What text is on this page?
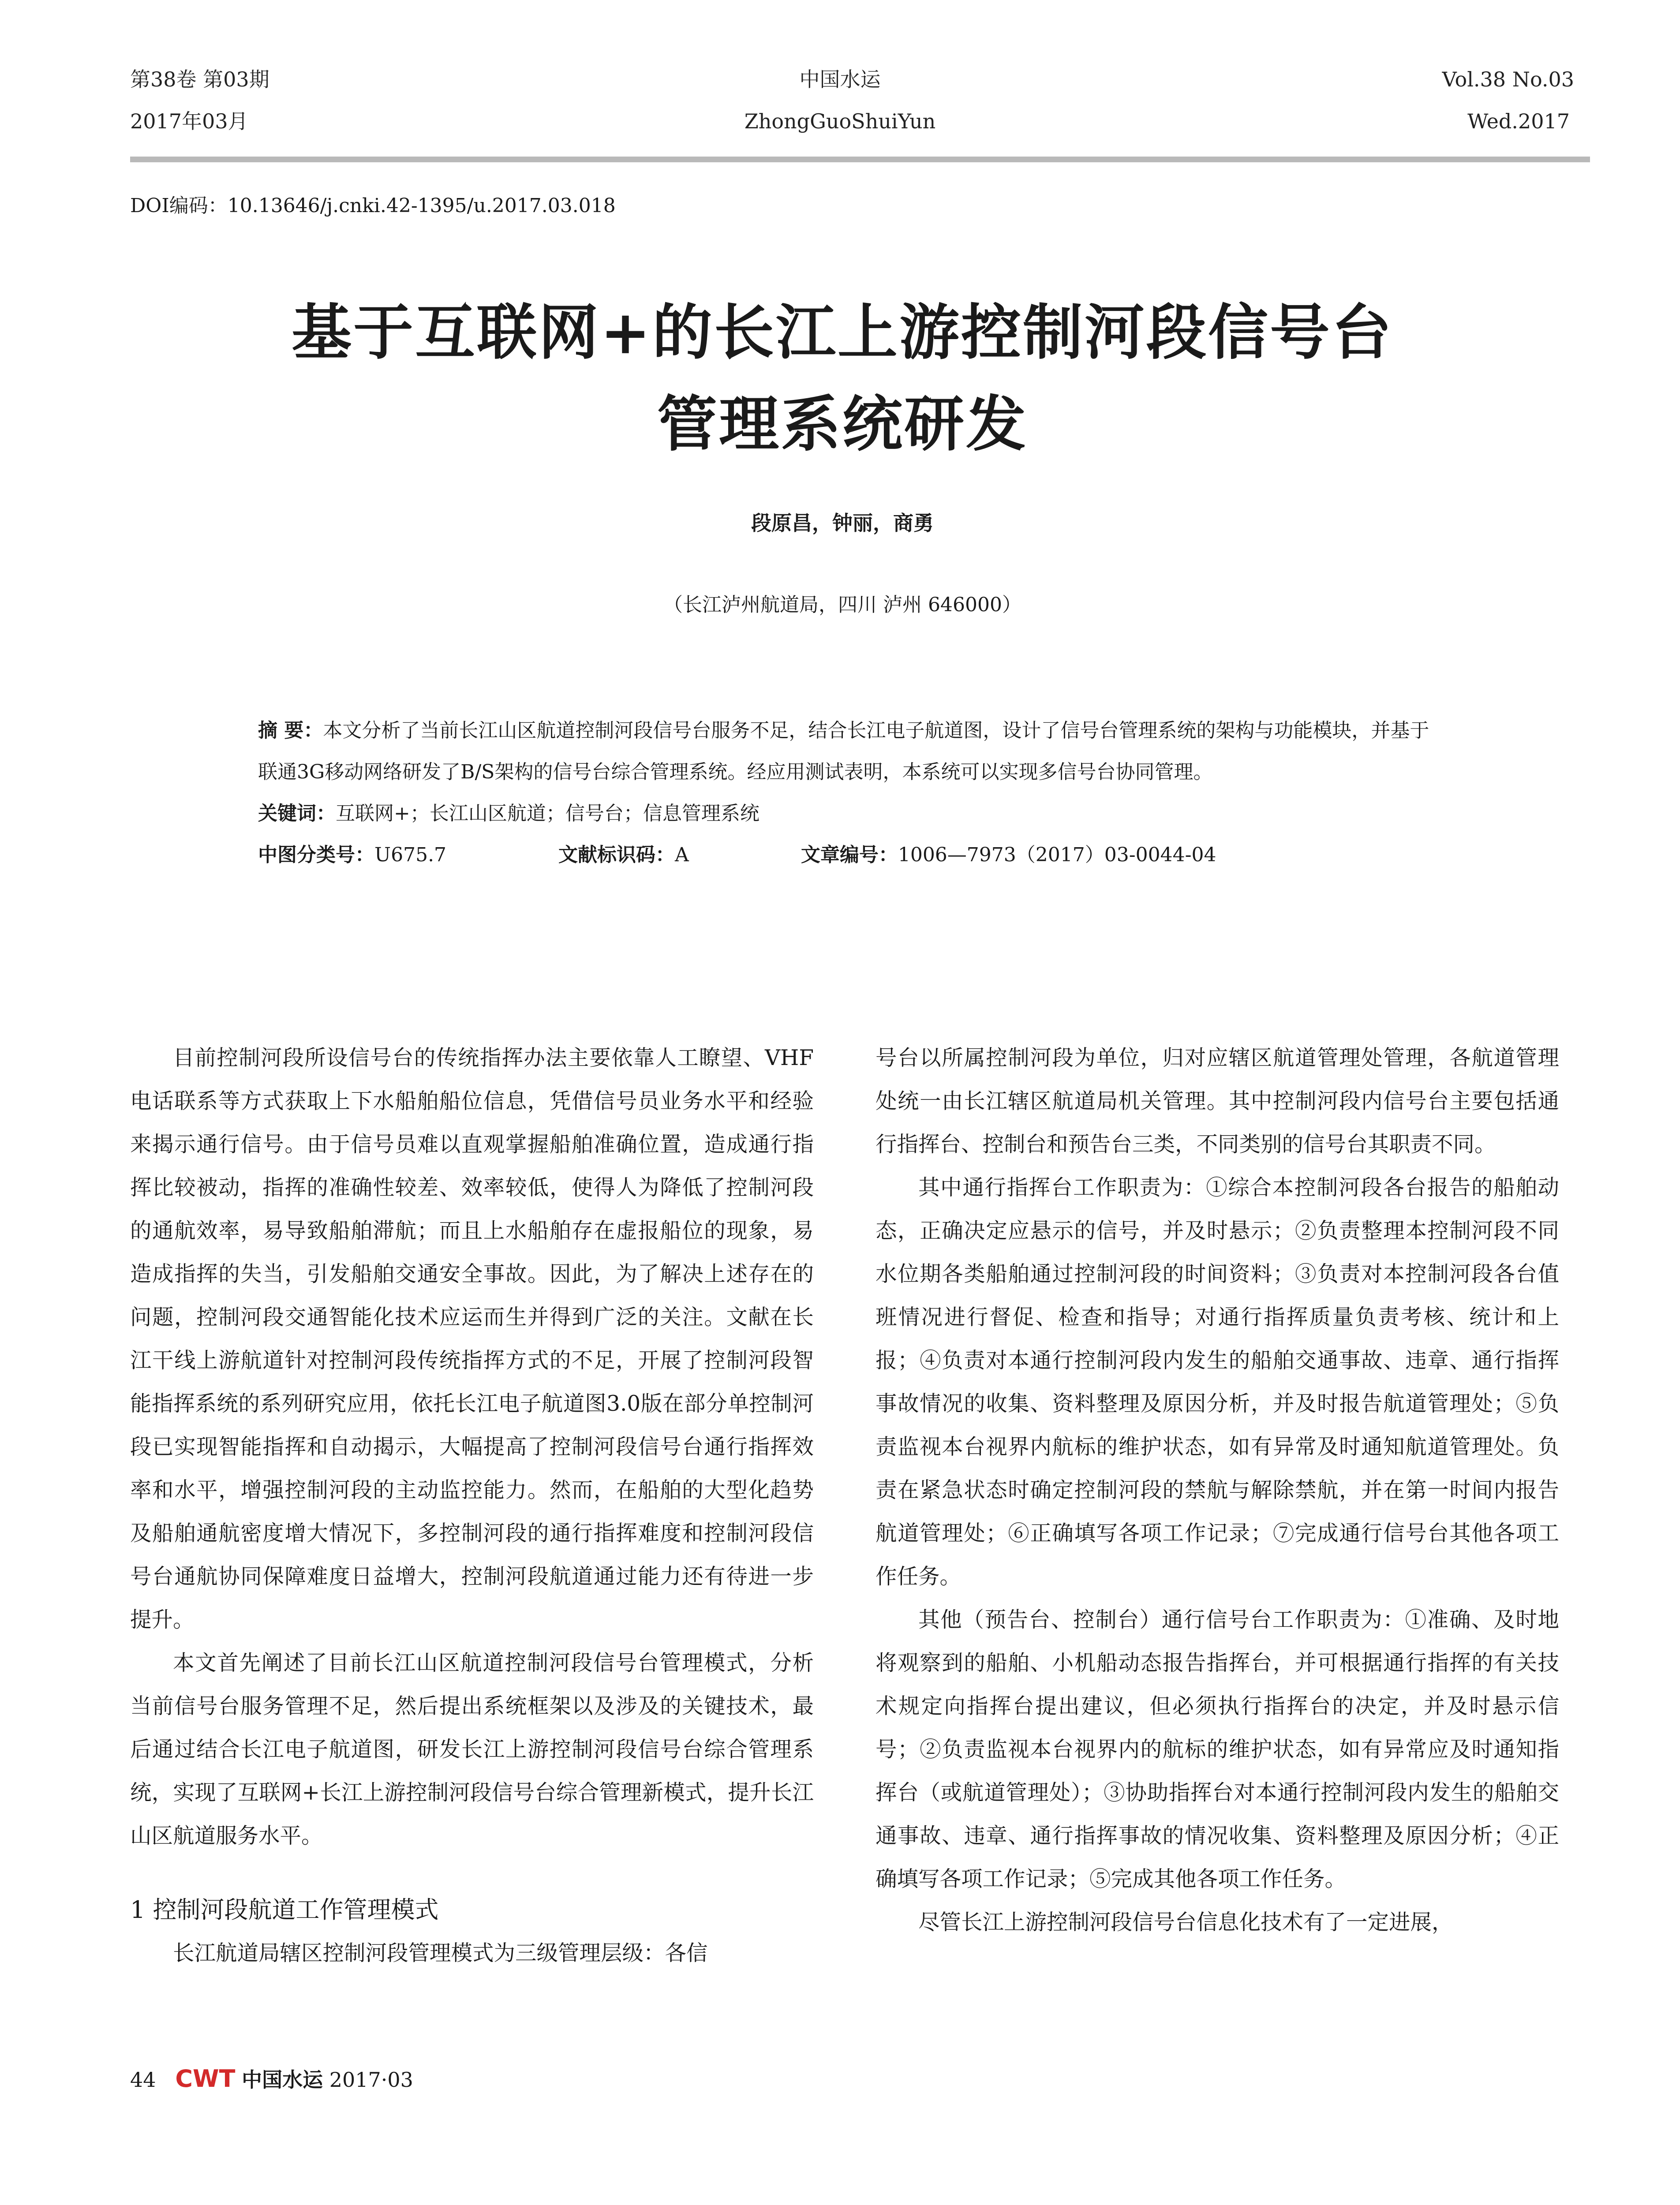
第38卷 第03期
2017年03月
中国水运
ZhongGuoShuiYun
Vol.38 No.03
Wed.2017
DOI编码：10.13646/j.cnki.42-1395/u.2017.03.018
基于互联网+的长江上游控制河段信号台
管理系统研发
段原昌，钟丽，商勇
（长江泸州航道局，四川 泸州 646000）

摘 要：本文分析了当前长江山区航道控制河段信号台服务不足，结合长江电子航道图，设计了信号台管理系统的架构与功能模块，并基于联通3G移动网络研发了B/S架构的信号台综合管理系统。经应用测试表明，本系统可以实现多信号台协同管理。

关键词：互联网+；长江山区航道；信号台；信息管理系统

中图分类号：U675.7	文献标识码：A	文章编号：1006—7973（2017）03-0044-04

目前控制河段所设信号台的传统指挥办法主要依靠人工瞭望、VHF电话联系等方式获取上下水船舶船位信息，凭借信号员业务水平和经验来揭示通行信号。由于信号员难以直观掌握船舶准确位置，造成通行指挥比较被动，指挥的准确性较差、效率较低，使得人为降低了控制河段的通航效率，易导致船舶滞航；而且上水船舶存在虚报船位的现象，易造成指挥的失当，引发船舶交通安全事故。因此，为了解决上述存在的问题，控制河段交通智能化技术应运而生并得到广泛的关注。文献在长江干线上游航道针对控制河段传统指挥方式的不足，开展了控制河段智能指挥系统的系列研究应用，依托长江电子航道图3.0版在部分单控制河段已实现智能指挥和自动揭示，大幅提高了控制河段信号台通行指挥效率和水平，增强控制河段的主动监控能力。然而，在船舶的大型化趋势及船舶通航密度增大情况下，多控制河段的通行指挥难度和控制河段信号台通航协同保障难度日益增大，控制河段航道通过能力还有待进一步提升。

本文首先阐述了目前长江山区航道控制河段信号台管理模式，分析当前信号台服务管理不足，然后提出系统框架以及涉及的关键技术，最后通过结合长江电子航道图，研发长江上游控制河段信号台综合管理系统，实现了互联网+长江上游控制河段信号台综合管理新模式，提升长江山区航道服务水平。

1 控制河段航道工作管理模式

长江航道局辖区控制河段管理模式为三级管理层级：各信

号台以所属控制河段为单位，归对应辖区航道管理处管理，各航道管理处统一由长江辖区航道局机关管理。其中控制河段内信号台主要包括通行指挥台、控制台和预告台三类，不同类别的信号台其职责不同。

其中通行指挥台工作职责为：①综合本控制河段各台报告的船舶动态，正确决定应悬示的信号，并及时悬示；②负责整理本控制河段不同水位期各类船舶通过控制河段的时间资料；③负责对本控制河段各台值班情况进行督促、检查和指导；对通行指挥质量负责考核、统计和上报；④负责对本通行控制河段内发生的船舶交通事故、违章、通行指挥事故情况的收集、资料整理及原因分析，并及时报告航道管理处；⑤负责监视本台视界内航标的维护状态，如有异常及时通知航道管理处。负责在紧急状态时确定控制河段的禁航与解除禁航，并在第一时间内报告航道管理处；⑥正确填写各项工作记录；⑦完成通行信号台其他各项工作任务。

其他（预告台、控制台）通行信号台工作职责为：①准确、及时地将观察到的船舶、小机船动态报告指挥台，并可根据通行指挥的有关技术规定向指挥台提出建议，但必须执行指挥台的决定，并及时悬示信号；②负责监视本台视界内的航标的维护状态，如有异常应及时通知指挥台（或航道管理处）；③协助指挥台对本通行控制河段内发生的船舶交通事故、违章、通行指挥事故的情况收集、资料整理及原因分析；④正确填写各项工作记录；⑤完成其他各项工作任务。

尽管长江上游控制河段信号台信息化技术有了一定进展，

44 CWT 中国水运 2017·03
